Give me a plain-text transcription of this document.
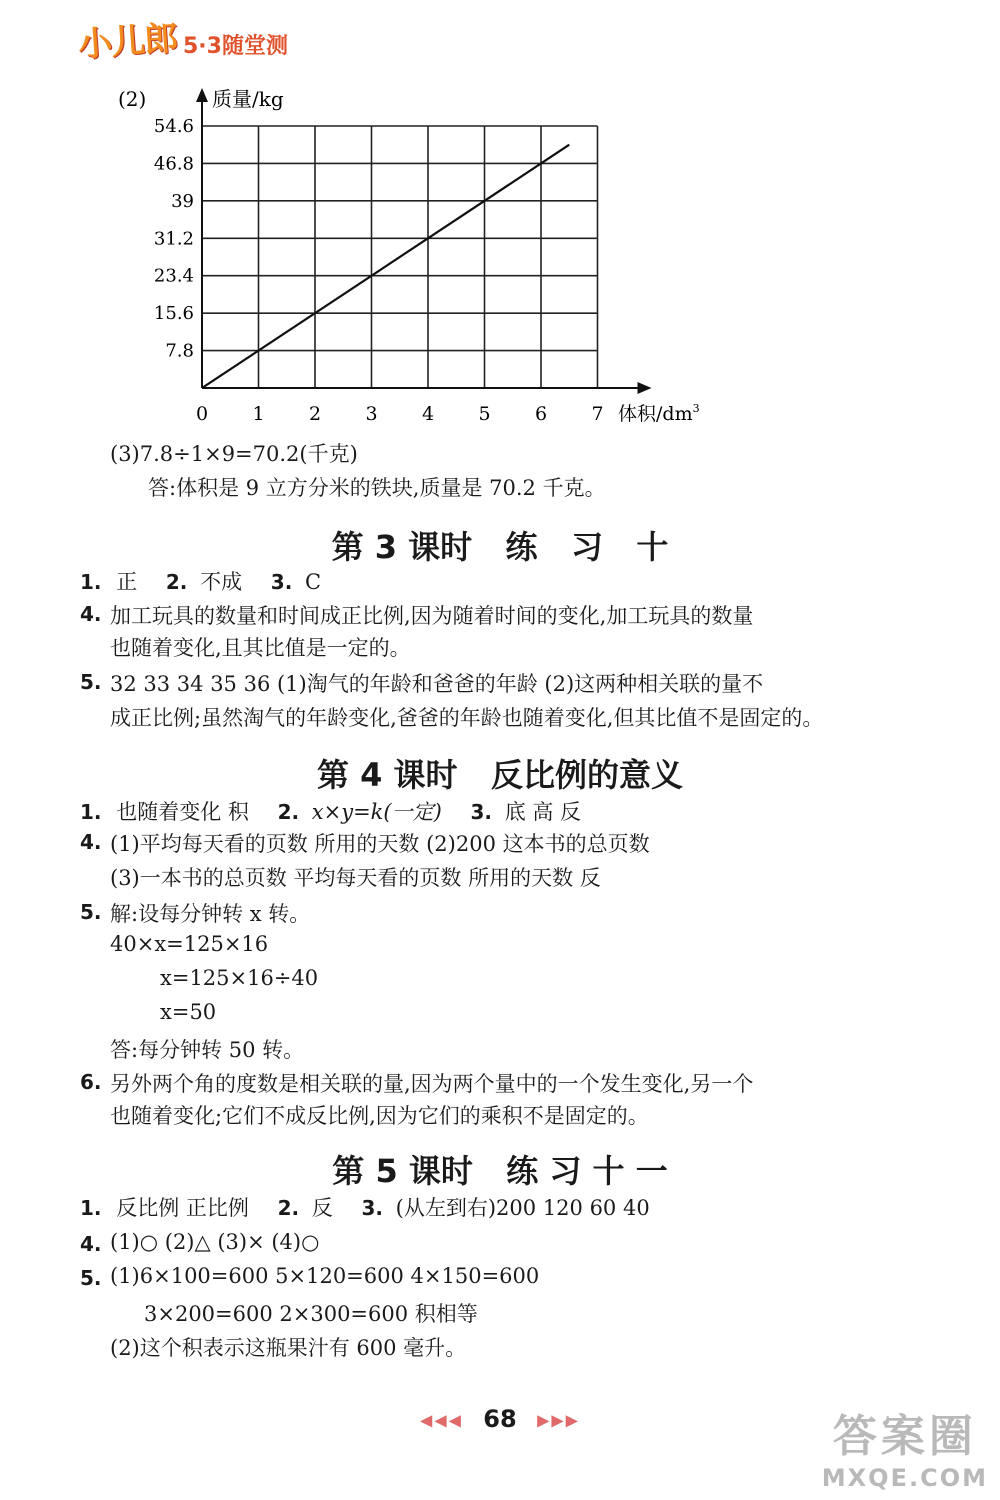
小儿郎 5·3随堂测
(2)	质量/kg
体积$/dm^3$
0 1 2 3 4 5 6 7
7.8
15.6
23.4
31.2
39
46.8
54.6
(3)7.8÷1×9=70.2(千克)
答:体积是 9 立方分米的铁块,质量是 70.2 千克。
第 3 课时   练   习   十
1. 正 2. 不成 3. C
4. 加工玩具的数量和时间成正比例,因为随着时间的变化,加工玩具的数量
也随着变化,且其比值是一定的。
5. 32 33 34 35 36 (1)淘气的年龄和爸爸的年龄 (2)这两种相关联的量不
成正比例;虽然淘气的年龄变化,爸爸的年龄也随着变化,但其比值不是固定的。
第 4 课时   反比例的意义
1. 也随着变化 积 2. x×y=k(一定) 3. 底 高 反
4. (1)平均每天看的页数 所用的天数 (2)200 这本书的总页数
(3)一本书的总页数 平均每天看的页数 所用的天数 反
5. 解:设每分钟转 x 转。
40×x=125×16
x=125×16÷40
x=50
答:每分钟转 50 转。
6. 另外两个角的度数是相关联的量,因为两个量中的一个发生变化,另一个
也随着变化;它们不成反比例,因为它们的乘积不是固定的。
第 5 课时   练 习 十 一
1. 反比例 正比例 2. 反 3. (从左到右)200 120 60 40
4. (1)○ (2)△ (3)× (4)○
5. (1)6×100=600 5×120=600 4×150=600
3×200=600 2×300=600 积相等
(2)这个积表示这瓶果汁有 600 毫升。
◀◀◀ 68 ▶▶▶	答案圈
MXQE.COM
